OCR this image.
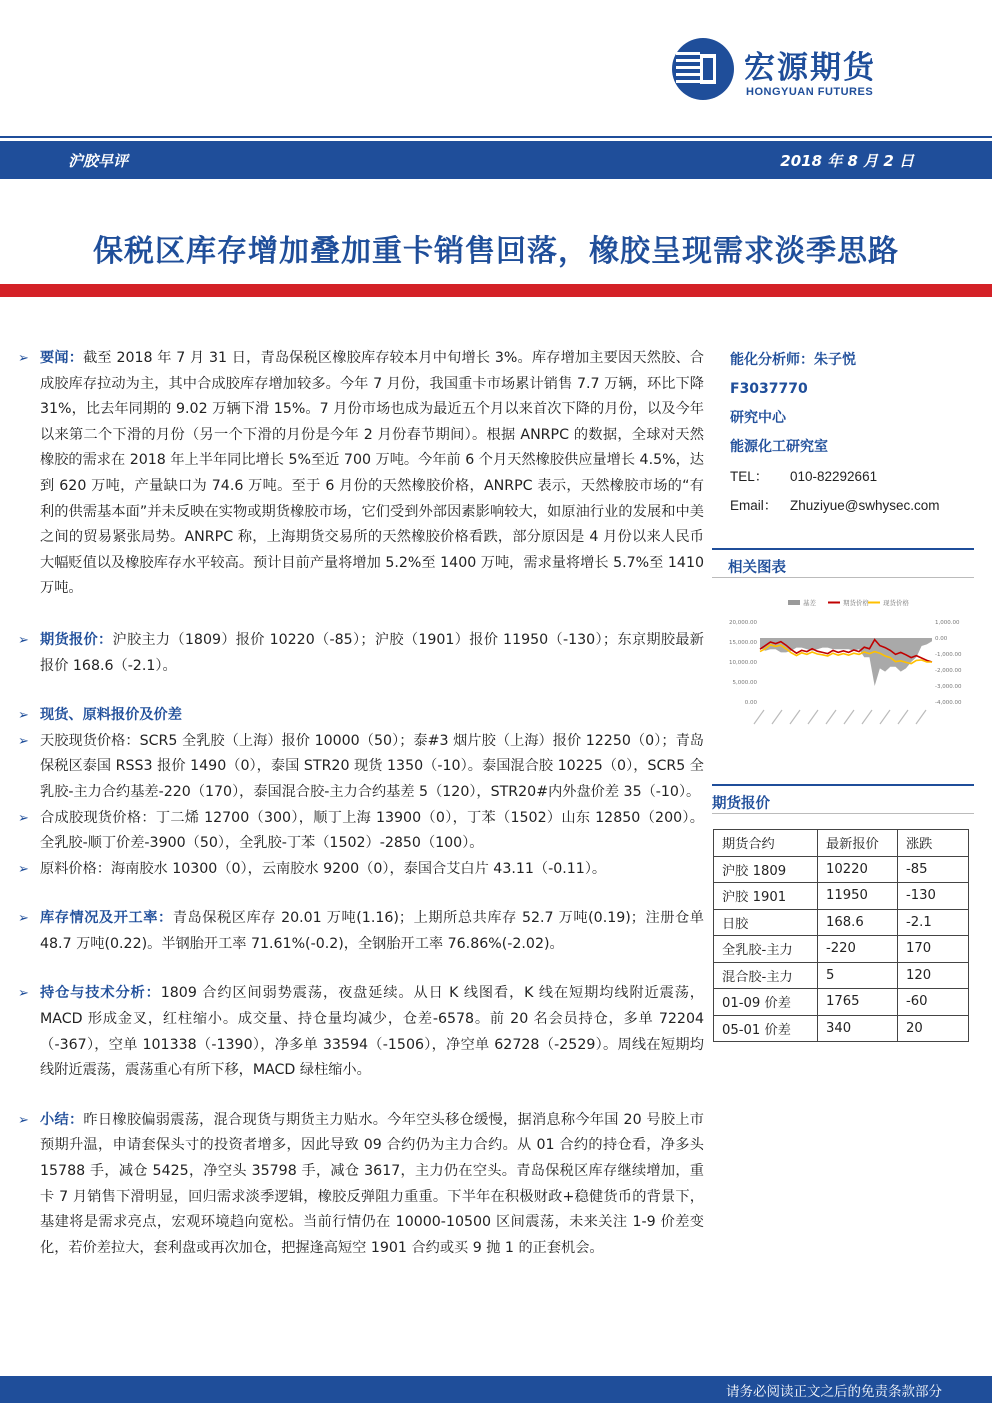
宏源期货
HONGYUAN FUTURES
沪胶早评	2018 年 8 月 2 日
保税区库存增加叠加重卡销售回落，橡胶呈现需求淡季思路
➢ 要闻：截至 2018 年 7 月 31 日，青岛保税区橡胶库存较本月中旬增长 3%。库存增加主要因天然胶、合成胶库存拉动为主，其中合成胶库存增加较多。今年 7 月份，我国重卡市场累计销售 7.7 万辆，环比下降 31%，比去年同期的 9.02 万辆下滑 15%。7 月份市场也成为最近五个月以来首次下降的月份，以及今年以来第二个下滑的月份（另一个下滑的月份是今年 2 月份春节期间）。根据 ANRPC 的数据，全球对天然橡胶的需求在 2018 年上半年同比增长 5%至近 700 万吨。今年前 6 个月天然橡胶供应量增长 4.5%，达到 620 万吨，产量缺口为 74.6 万吨。至于 6 月份的天然橡胶价格，ANRPC 表示，天然橡胶市场的“有利的供需基本面”并未反映在实物或期货橡胶市场，它们受到外部因素影响较大，如原油行业的发展和中美之间的贸易紧张局势。ANRPC 称，上海期货交易所的天然橡胶价格看跌，部分原因是 4 月份以来人民币大幅贬值以及橡胶库存水平较高。预计目前产量将增加 5.2%至 1400 万吨，需求量将增长 5.7%至 1410 万吨。
➢ 期货报价：沪胶主力（1809）报价 10220（-85）；沪胶（1901）报价 11950（-130）；东京期胶最新报价 168.6（-2.1）。
➢ 现货、原料报价及价差
➢ 天胶现货价格：SCR5 全乳胶（上海）报价 10000（50）；泰#3 烟片胶（上海）报价 12250（0）；青岛保税区泰国 RSS3 报价 1490（0），泰国 STR20 现货 1350（-10）。泰国混合胶 10225（0），SCR5 全乳胶-主力合约基差-220（170），泰国混合胶-主力合约基差 5（120），STR20#内外盘价差 35（-10）。
➢ 合成胶现货价格：丁二烯 12700（300），顺丁上海 13900（0），丁苯（1502）山东 12850（200）。全乳胶-顺丁价差-3900（50），全乳胶-丁苯（1502）-2850（100）。
➢ 原料价格：海南胶水 10300（0），云南胶水 9200（0），泰国合艾白片 43.11（-0.11）。
➢ 库存情况及开工率：青岛保税区库存 20.01 万吨(1.16)；上期所总共库存 52.7 万吨(0.19)；注册仓单 48.7 万吨(0.22)。半钢胎开工率 71.61%(-0.2)，全钢胎开工率 76.86%(-2.02)。
➢ 持仓与技术分析：1809 合约区间弱势震荡，夜盘延续。从日 K 线图看，K 线在短期均线附近震荡，MACD 形成金叉，红柱缩小。成交量、持仓量均减少，仓差-6578。前 20 名会员持仓，多单 72204（-367），空单 101338（-1390），净多单 33594（-1506），净空单 62728（-2529）。周线在短期均线附近震荡，震荡重心有所下移，MACD 绿柱缩小。
➢ 小结：昨日橡胶偏弱震荡，混合现货与期货主力贴水。今年空头移仓缓慢，据消息称今年国 20 号胶上市预期升温，申请套保头寸的投资者增多，因此导致 09 合约仍为主力合约。从 01 合约的持仓看，净多头 15788 手，减仓 5425，净空头 35798 手，减仓 3617，主力仍在空头。青岛保税区库存继续增加，重卡 7 月销售下滑明显，回归需求淡季逻辑，橡胶反弹阻力重重。下半年在积极财政+稳健货币的背景下，基建将是需求亮点，宏观环境趋向宽松。当前行情仍在 10000-10500 区间震荡，未来关注 1-9 价差变化，若价差拉大，套利盘或再次加仓，把握逢高短空 1901 合约或买 9 抛 1 的正套机会。
能化分析师：朱子悦
F3037770
研究中心
能源化工研究室
TEL： 010-82292661
Email： Zhuziyue@swhysec.com
相关图表
基差	期货价格 现货价格
20,000.00
15,000.00
10,000.00
5,000.00
0.00
1,000.00
0.00
-1,000.00
-2,000.00
-3,000.00
-4,000.00
期货报价
期货合约	最新报价	涨跌
沪胶 1809	10220	-85
沪胶 1901	11950	-130
日胶	168.6	-2.1
全乳胶-主力	-220	170
混合胶-主力	5	120
01-09 价差	1765	-60
05-01 价差	340	20
请务必阅读正文之后的免责条款部分
